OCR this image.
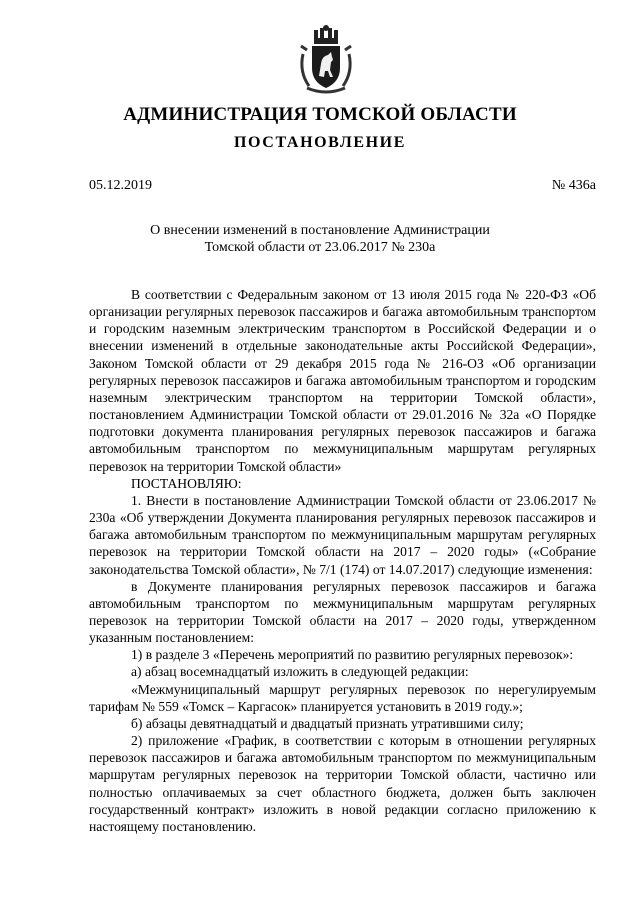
АДМИНИСТРАЦИЯ ТОМСКОЙ ОБЛАСТИ
ПОСТАНОВЛЕНИЕ
05.12.2019	№ 436а
О внесении изменений в постановление Администрации
Томской области от 23.06.2017 № 230а

В соответствии с Федеральным законом от 13 июля 2015 года № 220-ФЗ «Об организации регулярных перевозок пассажиров и багажа автомобильным транспортом и городским наземным электрическим транспортом в Российской Федерации и о внесении изменений в отдельные законодательные акты Российской Федерации», Законом Томской области от 29 декабря 2015 года № 216-ОЗ «Об организации регулярных перевозок пассажиров и багажа автомобильным транспортом и городским наземным электрическим транспортом на территории Томской области», постановлением Администрации Томской области от 29.01.2016 № 32а «О Порядке подготовки документа планирования регулярных перевозок пассажиров и багажа автомобильным транспортом по межмуниципальным маршрутам регулярных перевозок на территории Томской области»

ПОСТАНОВЛЯЮ:

1. Внести в постановление Администрации Томской области от 23.06.2017 № 230а «Об утверждении Документа планирования регулярных перевозок пассажиров и багажа автомобильным транспортом по межмуниципальным маршрутам регулярных перевозок на территории Томской области на 2017 – 2020 годы» («Собрание законодательства Томской области», № 7/1 (174) от 14.07.2017) следующие изменения:

в Документе планирования регулярных перевозок пассажиров и багажа автомобильным транспортом по межмуниципальным маршрутам регулярных перевозок на территории Томской области на 2017 – 2020 годы, утвержденном указанным постановлением:

1) в разделе 3 «Перечень мероприятий по развитию регулярных перевозок»:

а) абзац восемнадцатый изложить в следующей редакции:

«Межмуниципальный маршрут регулярных перевозок по нерегулируемым тарифам № 559 «Томск – Каргасок» планируется установить в 2019 году.»;

б) абзацы девятнадцатый и двадцатый признать утратившими силу;

2) приложение «График, в соответствии с которым в отношении регулярных перевозок пассажиров и багажа автомобильным транспортом по межмуниципальным маршрутам регулярных перевозок на территории Томской области, частично или полностью оплачиваемых за счет областного бюджета, должен быть заключен государственный контракт» изложить в новой редакции согласно приложению к настоящему постановлению.
